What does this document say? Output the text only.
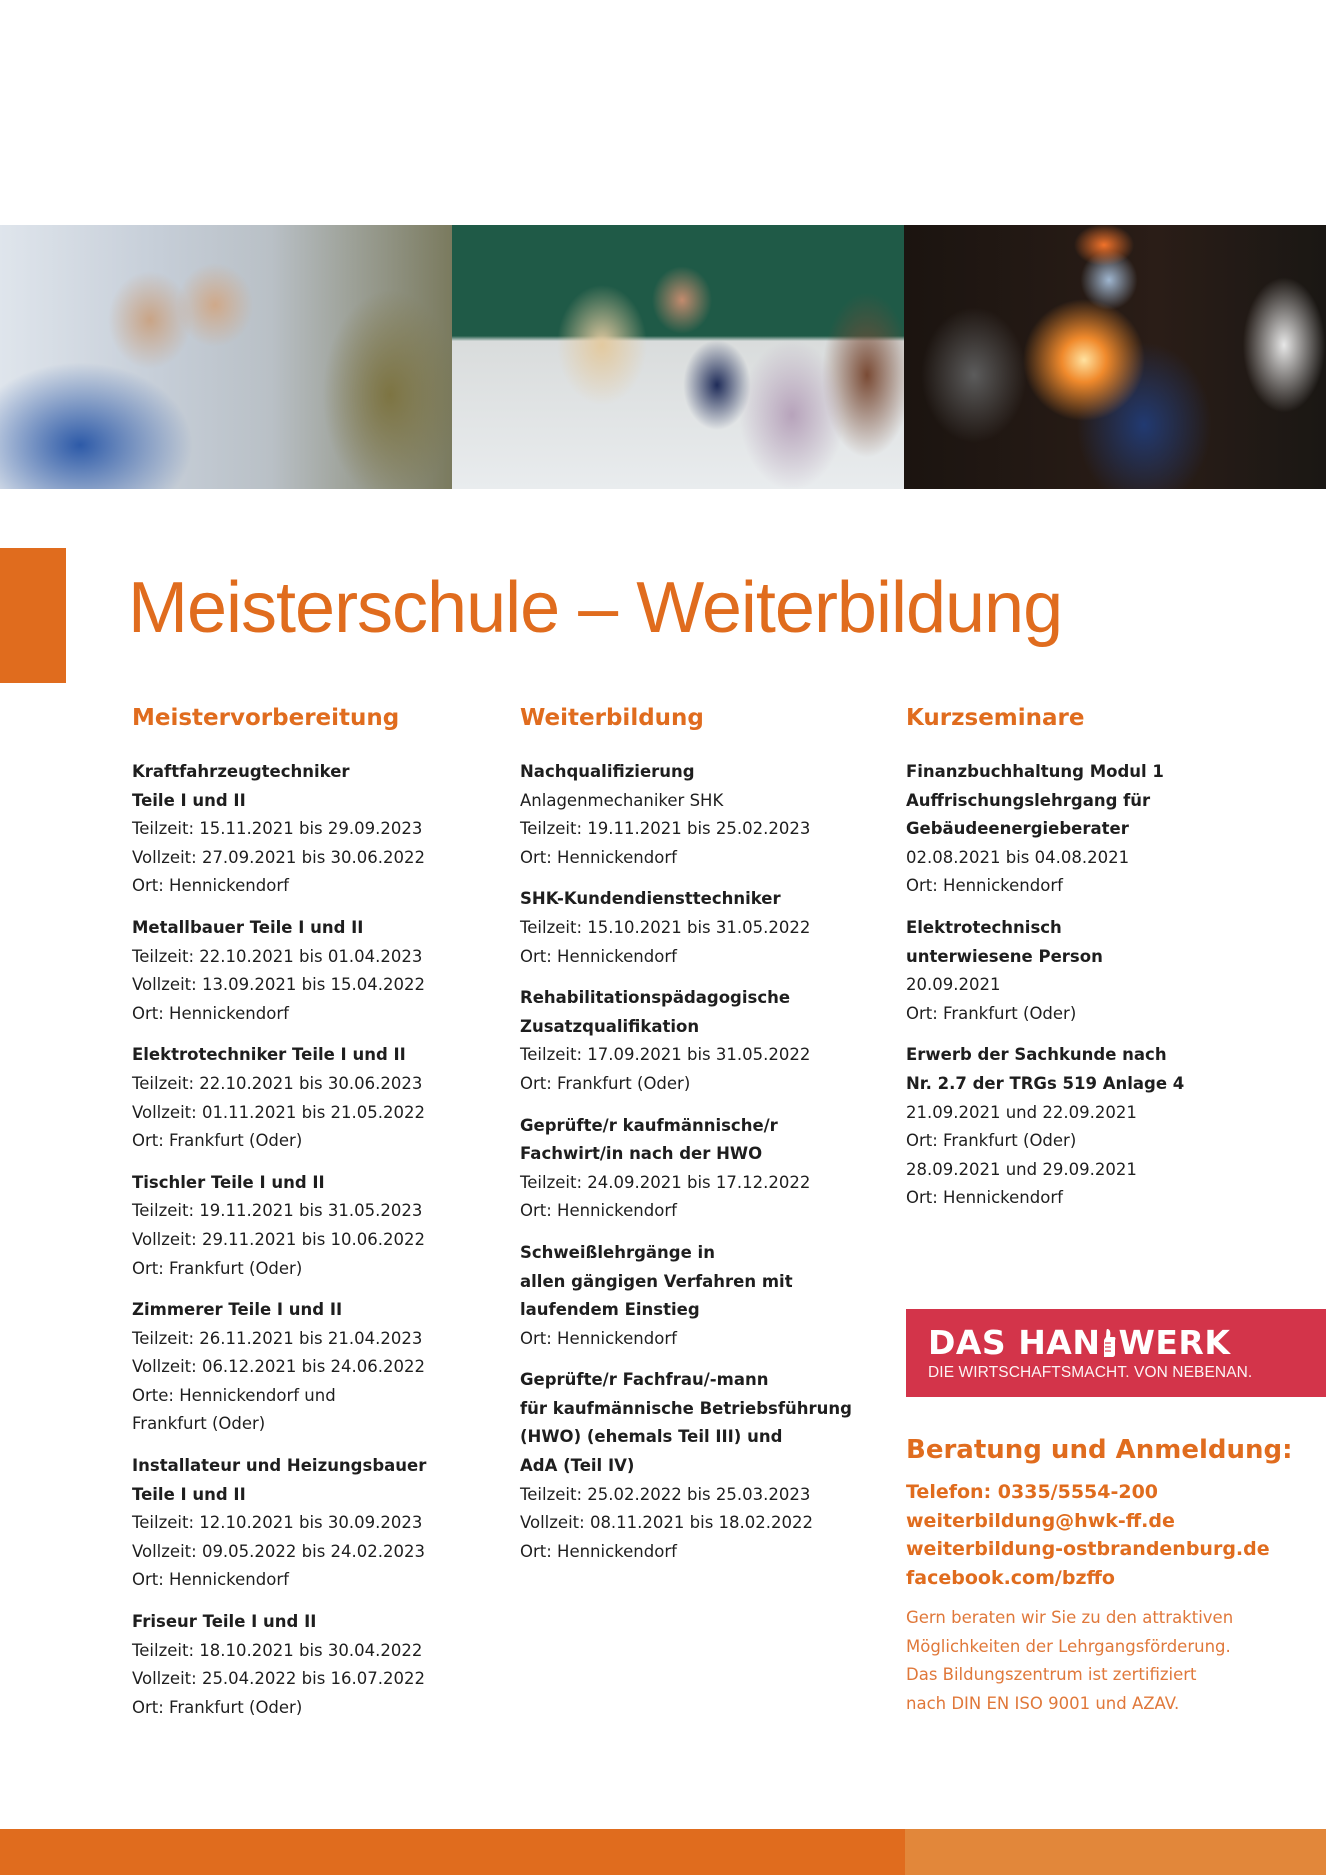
Meisterschule – Weiterbildung
Meistervorbereitung
Kraftfahrzeugtechniker
Teile I und II
Teilzeit: 15.11.2021 bis 29.09.2023
Vollzeit: 27.09.2021 bis 30.06.2022
Ort: Hennickendorf
Metallbauer Teile I und II
Teilzeit: 22.10.2021 bis 01.04.2023
Vollzeit: 13.09.2021 bis 15.04.2022
Ort: Hennickendorf
Elektrotechniker Teile I und II
Teilzeit: 22.10.2021 bis 30.06.2023
Vollzeit: 01.11.2021 bis 21.05.2022
Ort: Frankfurt (Oder)
Tischler Teile I und II
Teilzeit: 19.11.2021 bis 31.05.2023
Vollzeit: 29.11.2021 bis 10.06.2022
Ort: Frankfurt (Oder)
Zimmerer Teile I und II
Teilzeit: 26.11.2021 bis 21.04.2023
Vollzeit: 06.12.2021 bis 24.06.2022
Orte: Hennickendorf und
Frankfurt (Oder)
Installateur und Heizungsbauer
Teile I und II
Teilzeit: 12.10.2021 bis 30.09.2023
Vollzeit: 09.05.2022 bis 24.02.2023
Ort: Hennickendorf
Friseur Teile I und II
Teilzeit: 18.10.2021 bis 30.04.2022
Vollzeit: 25.04.2022 bis 16.07.2022
Ort: Frankfurt (Oder)
Weiterbildung
Nachqualifizierung
Anlagenmechaniker SHK
Teilzeit: 19.11.2021 bis 25.02.2023
Ort: Hennickendorf
SHK-Kundendiensttechniker
Teilzeit: 15.10.2021 bis 31.05.2022
Ort: Hennickendorf
Rehabilitationspädagogische
Zusatzqualifikation
Teilzeit: 17.09.2021 bis 31.05.2022
Ort: Frankfurt (Oder)
Geprüfte/r kaufmännische/r
Fachwirt/in nach der HWO
Teilzeit: 24.09.2021 bis 17.12.2022
Ort: Hennickendorf
Schweißlehrgänge in
allen gängigen Verfahren mit
laufendem Einstieg
Ort: Hennickendorf
Geprüfte/r Fachfrau/-mann
für kaufmännische Betriebsführung
(HWO) (ehemals Teil III) und
AdA (Teil IV)
Teilzeit: 25.02.2022 bis 25.03.2023
Vollzeit: 08.11.2021 bis 18.02.2022
Ort: Hennickendorf
Kurzseminare
Finanzbuchhaltung Modul 1
Auffrischungslehrgang für
Gebäudeenergieberater
02.08.2021 bis 04.08.2021
Ort: Hennickendorf
Elektrotechnisch
unterwiesene Person
20.09.2021
Ort: Frankfurt (Oder)
Erwerb der Sachkunde nach
Nr. 2.7 der TRGs 519 Anlage 4
21.09.2021 und 22.09.2021
Ort: Frankfurt (Oder)
28.09.2021 und 29.09.2021
Ort: Hennickendorf
DAS HAN WERK
DIE WIRTSCHAFTSMACHT. VON NEBENAN.
Beratung und Anmeldung:
Telefon: 0335/5554-200
weiterbildung@hwk-ff.de
weiterbildung-ostbrandenburg.de
facebook.com/bzffo
Gern beraten wir Sie zu den attraktiven
Möglichkeiten der Lehrgangsförderung.
Das Bildungszentrum ist zertifiziert
nach DIN EN ISO 9001 und AZAV.
